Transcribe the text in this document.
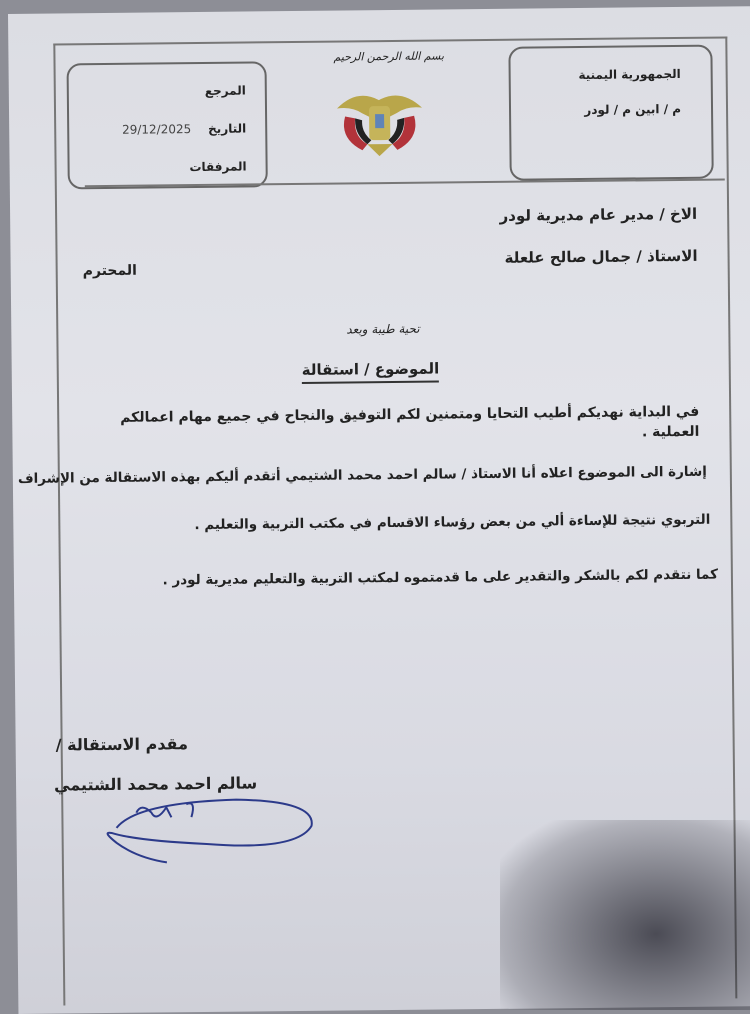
بسم الله الرحمن الرحيم
المرجع
التاريخ
29/12/2025
المرفقات
الجمهورية اليمنية
م / ابين م / لودر
الاخ / مدير عام مديرية لودر
الاستاذ / جمال صالح علعلة
المحترم
تحية طيبة وبعد
الموضوع / استقالة
في البداية نهديكم أطيب التحايا ومتمنين لكم التوفيق والنجاح في جميع مهام اعمالكم العملية .
إشارة الى الموضوع اعلاه أنا الاستاذ / سالم احمد محمد الشتيمي أتقدم أليكم بهذه الاستقالة من الإشراف
التربوي نتيجة للإساءة ألي من بعض رؤساء الاقسام في مكتب التربية والتعليم .
كما نتقدم لكم بالشكر والتقدير على ما قدمتموه لمكتب التربية والتعليم مديرية لودر .
مقدم الاستقالة /
سالم احمد محمد الشتيمي
